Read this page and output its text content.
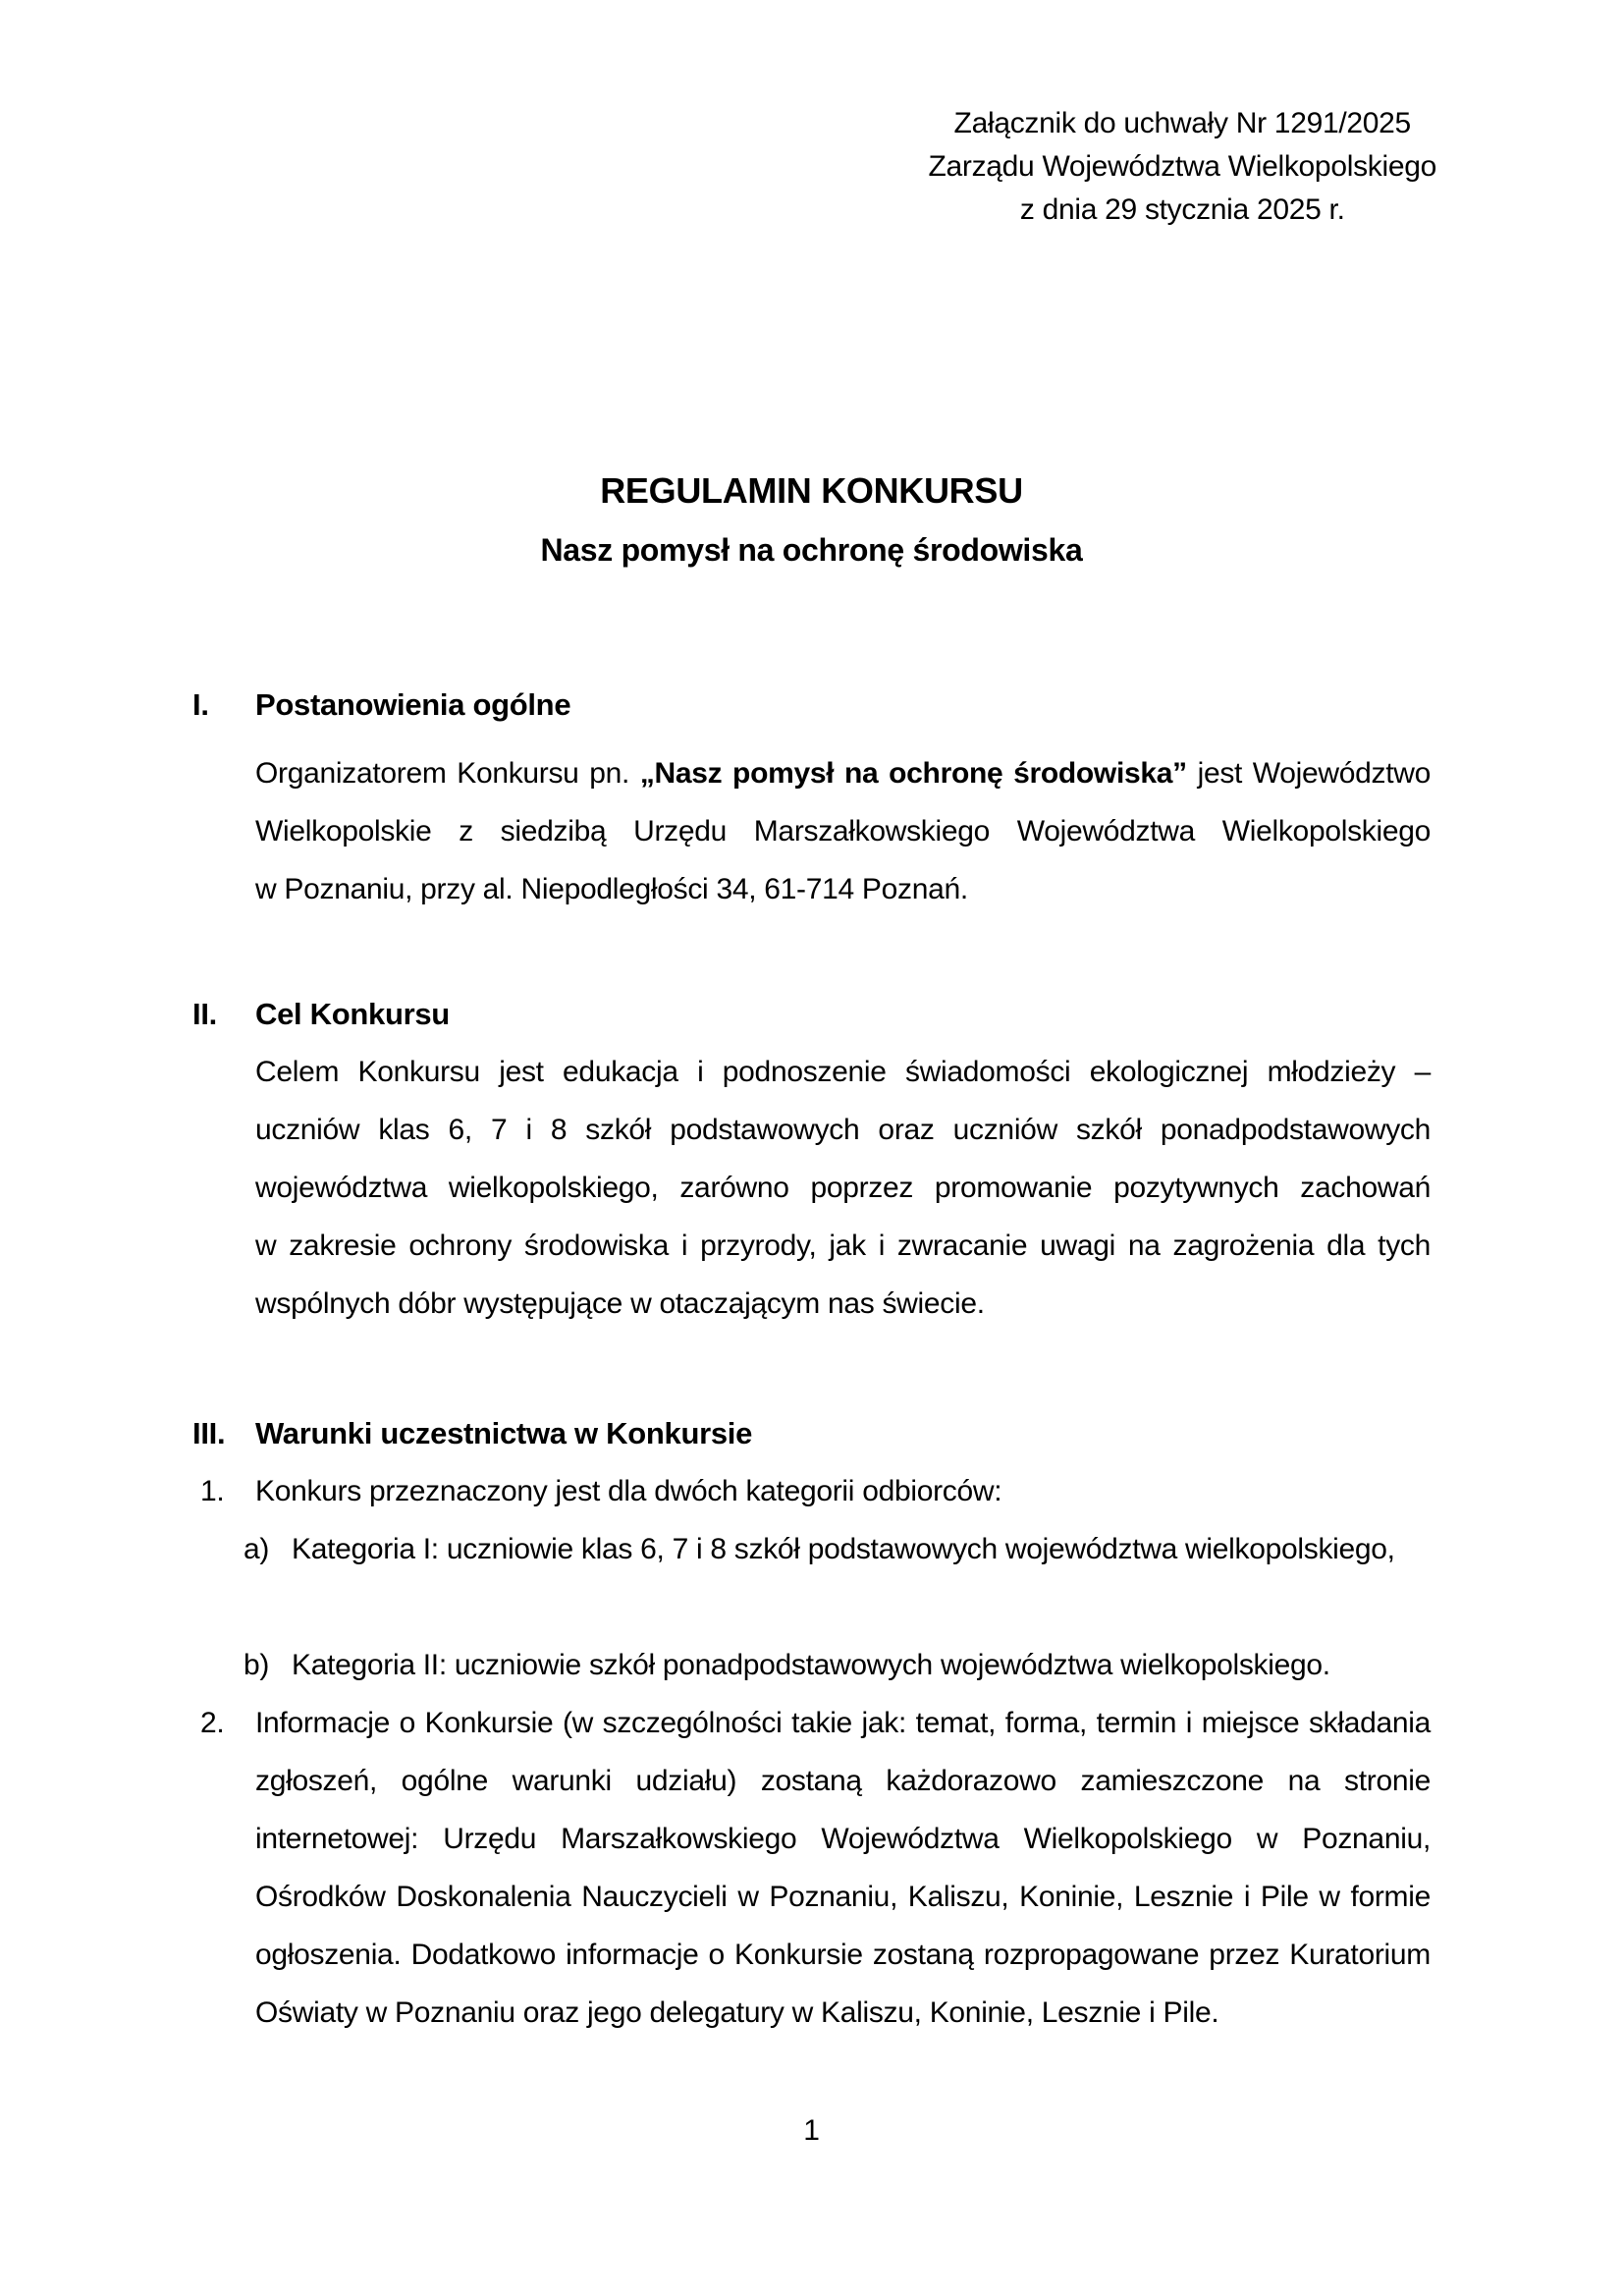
Załącznik do uchwały Nr 1291/2025
Zarządu Województwa Wielkopolskiego
z dnia 29 stycznia 2025 r.
REGULAMIN KONKURSU
Nasz pomysł na ochronę środowiska
I. Postanowienia ogólne
Organizatorem Konkursu pn. „Nasz pomysł na ochronę środowiska” jest Województwo Wielkopolskie z siedzibą Urzędu Marszałkowskiego Województwa Wielkopolskiego w Poznaniu, przy al. Niepodległości 34, 61-714 Poznań.
II. Cel Konkursu
Celem Konkursu jest edukacja i podnoszenie świadomości ekologicznej młodzieży – uczniów klas 6, 7 i 8 szkół podstawowych oraz uczniów szkół ponadpodstawowych województwa wielkopolskiego, zarówno poprzez promowanie pozytywnych zachowań w zakresie ochrony środowiska i przyrody, jak i zwracanie uwagi na zagrożenia dla tych wspólnych dóbr występujące w otaczającym nas świecie.
III. Warunki uczestnictwa w Konkursie
1. Konkurs przeznaczony jest dla dwóch kategorii odbiorców:
a) Kategoria I: uczniowie klas 6, 7 i 8 szkół podstawowych województwa wielkopolskiego,
b) Kategoria II: uczniowie szkół ponadpodstawowych województwa wielkopolskiego.
2. Informacje o Konkursie (w szczególności takie jak: temat, forma, termin i miejsce składania zgłoszeń, ogólne warunki udziału) zostaną każdorazowo zamieszczone na stronie internetowej: Urzędu Marszałkowskiego Województwa Wielkopolskiego w Poznaniu, Ośrodków Doskonalenia Nauczycieli w Poznaniu, Kaliszu, Koninie, Lesznie i Pile w formie ogłoszenia. Dodatkowo informacje o Konkursie zostaną rozpropagowane przez Kuratorium Oświaty w Poznaniu oraz jego delegatury w Kaliszu, Koninie, Lesznie i Pile.
1
